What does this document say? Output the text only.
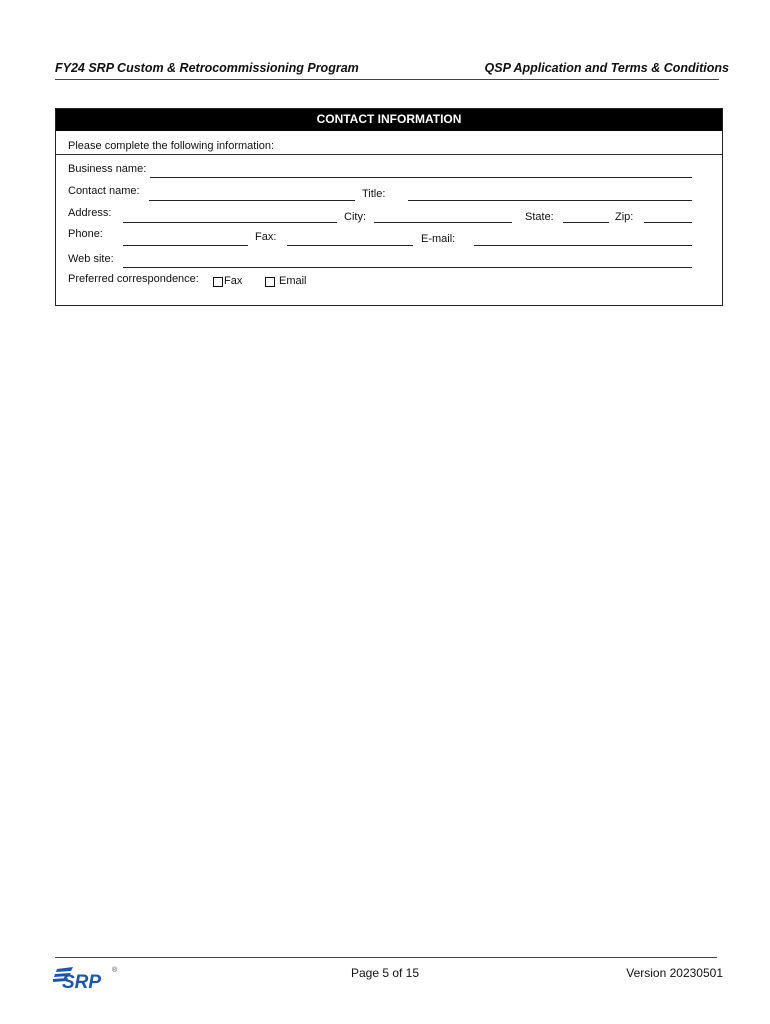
FY24 SRP Custom & Retrocommissioning Program	QSP Application and Terms & Conditions
CONTACT INFORMATION
Please complete the following information:
Business name:
Contact name:	Title:
Address:	City:	State:	Zip:
Phone:	Fax:	E-mail:
Web site:
Preferred correspondence: Fax	Email
SRP
®	Page 5 of 15	Version 20230501
